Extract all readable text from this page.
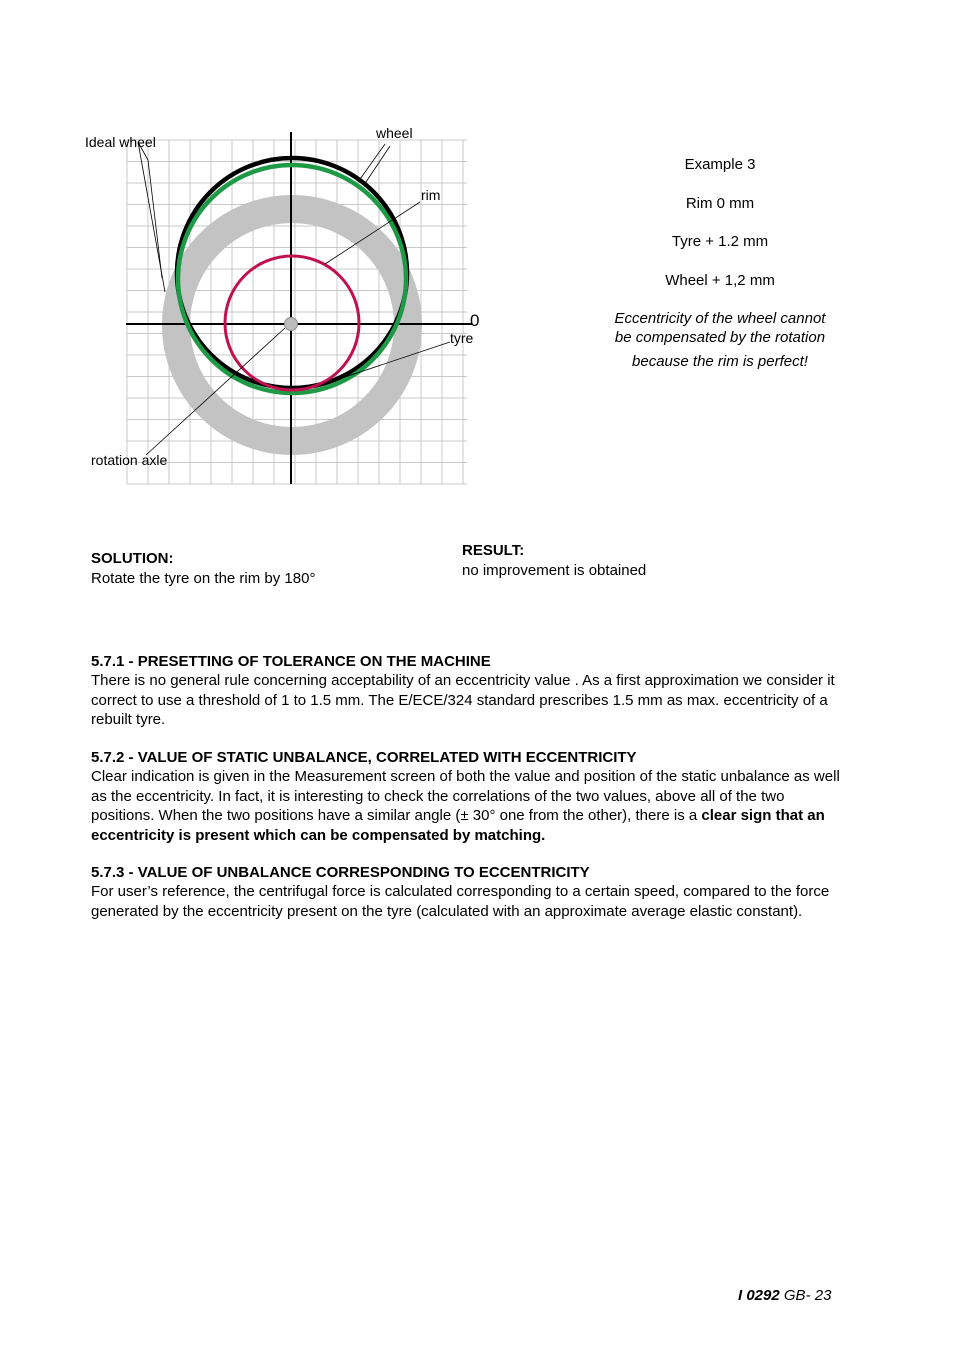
Ideal wheel
wheel
rim
0
tyre
rotation axle
Example 3
Rim 0 mm
Tyre + 1.2 mm
Wheel + 1,2 mm
Eccentricity of the wheel cannot
be compensated by the rotation
because the rim is perfect!
SOLUTION:
Rotate the tyre on the rim by 180°
RESULT:
no improvement is obtained
5.7.1 - PRESETTING OF TOLERANCE ON THE MACHINE
There is no general rule concerning acceptability of an eccentricity value . As a first approximation we consider it correct to use a threshold of 1 to 1.5 mm. The E/ECE/324 standard prescribes 1.5 mm as max. eccentricity of a rebuilt tyre.
5.7.2 - VALUE OF STATIC UNBALANCE, CORRELATED WITH ECCENTRICITY
Clear indication is given in the Measurement screen of both the value and position of the static unbalance as well as the eccentricity. In fact, it is interesting to check the correlations of the two values, above all of the two positions. When the two positions have a similar angle (± 30° one from the other), there is a clear sign that an eccentricity is present which can be compensated by matching.
5.7.3 - VALUE OF UNBALANCE CORRESPONDING TO ECCENTRICITY
For user’s reference, the centrifugal force is calculated corresponding to a certain speed, compared to the force generated by the eccentricity present on the tyre (calculated with an approximate average elastic constant).
I 0292 GB- 23
